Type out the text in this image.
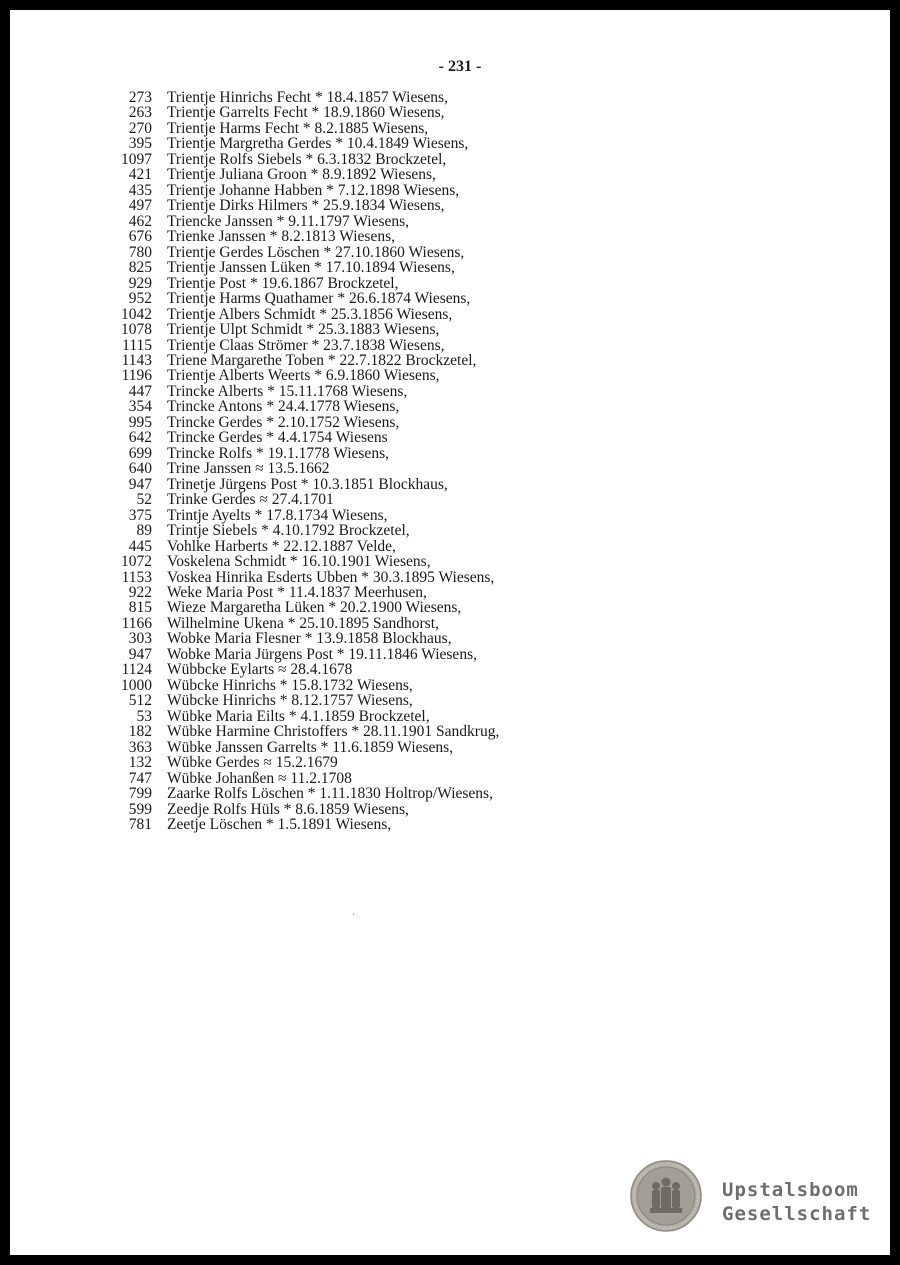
- 231 -
273 Trientje Hinrichs Fecht * 18.4.1857 Wiesens,
263 Trientje Garrelts Fecht * 18.9.1860 Wiesens,
270 Trientje Harms Fecht * 8.2.1885 Wiesens,
395 Trientje Margretha Gerdes * 10.4.1849 Wiesens,
1097 Trientje Rolfs Siebels * 6.3.1832 Brockzetel,
421 Trientje Juliana Groon * 8.9.1892 Wiesens,
435 Trientje Johanne Habben * 7.12.1898 Wiesens,
497 Trientje Dirks Hilmers * 25.9.1834 Wiesens,
462 Triencke Janssen * 9.11.1797 Wiesens,
676 Trienke Janssen * 8.2.1813 Wiesens,
780 Trientje Gerdes Löschen * 27.10.1860 Wiesens,
825 Trientje Janssen Lüken * 17.10.1894 Wiesens,
929 Trientje Post * 19.6.1867 Brockzetel,
952 Trientje Harms Quathamer * 26.6.1874 Wiesens,
1042 Trientje Albers Schmidt * 25.3.1856 Wiesens,
1078 Trientje Ulpt Schmidt * 25.3.1883 Wiesens,
1115 Trientje Claas Strömer * 23.7.1838 Wiesens,
1143 Triene Margarethe Toben * 22.7.1822 Brockzetel,
1196 Trientje Alberts Weerts * 6.9.1860 Wiesens,
447 Trincke Alberts * 15.11.1768 Wiesens,
354 Trincke Antons * 24.4.1778 Wiesens,
995 Trincke Gerdes * 2.10.1752 Wiesens,
642 Trincke Gerdes * 4.4.1754 Wiesens
699 Trincke Rolfs * 19.1.1778 Wiesens,
640 Trine Janssen ≈ 13.5.1662
947 Trinetje Jürgens Post * 10.3.1851 Blockhaus,
52 Trinke Gerdes ≈ 27.4.1701
375 Trintje Ayelts * 17.8.1734 Wiesens,
89 Trintje Siebels * 4.10.1792 Brockzetel,
445 Vohlke Harberts * 22.12.1887 Velde,
1072 Voskelena Schmidt * 16.10.1901 Wiesens,
1153 Voskea Hinrika Esderts Ubben * 30.3.1895 Wiesens,
922 Weke Maria Post * 11.4.1837 Meerhusen,
815 Wieze Margaretha Lüken * 20.2.1900 Wiesens,
1166 Wilhelmine Ukena * 25.10.1895 Sandhorst,
303 Wobke Maria Flesner * 13.9.1858 Blockhaus,
947 Wobke Maria Jürgens Post * 19.11.1846 Wiesens,
1124 Wübbcke Eylarts ≈ 28.4.1678
1000 Wübcke Hinrichs * 15.8.1732 Wiesens,
512 Wübcke Hinrichs * 8.12.1757 Wiesens,
53 Wübke Maria Eilts * 4.1.1859 Brockzetel,
182 Wübke Harmine Christoffers * 28.11.1901 Sandkrug,
363 Wübke Janssen Garrelts * 11.6.1859 Wiesens,
132 Wübke Gerdes ≈ 15.2.1679
747 Wübke Johanßen ≈ 11.2.1708
799 Zaarke Rolfs Löschen * 1.11.1830 Holtrop/Wiesens,
599 Zeedje Rolfs Hüls * 8.6.1859 Wiesens,
781 Zeetje Löschen * 1.5.1891 Wiesens,
·
Upstalsboom
Gesellschaft
